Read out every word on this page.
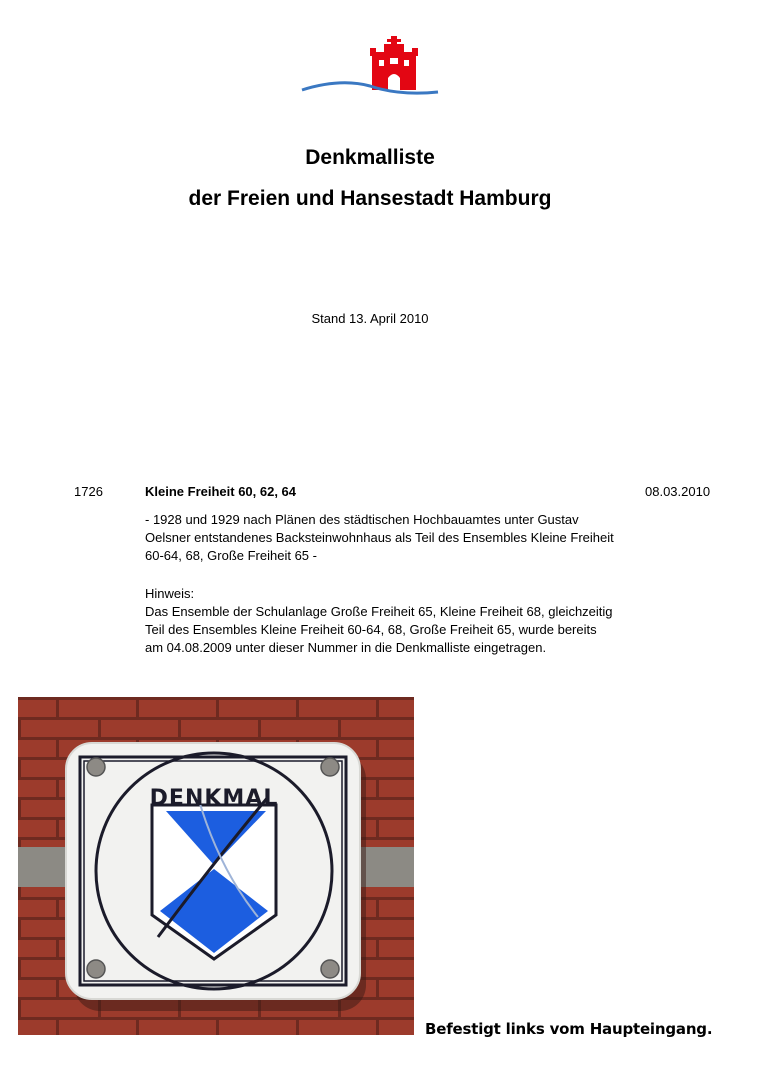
Denkmalliste
der Freien und Hansestadt Hamburg
Stand 13. April 2010
1726	Kleine Freiheit 60, 62, 64	08.03.2010
- 1928 und 1929 nach Plänen des städtischen Hochbauamtes unter Gustav Oelsner entstandenes Backsteinwohnhaus als Teil des Ensembles Kleine Freiheit 60-64, 68, Große Freiheit 65 -
Hinweis:
Das Ensemble der Schulanlage Große Freiheit 65, Kleine Freiheit 68, gleichzeitig Teil des Ensembles Kleine Freiheit 60-64, 68, Große Freiheit 65, wurde bereits am 04.08.2009 unter dieser Nummer in die Denkmalliste eingetragen.
DENKMAL
Befestigt links vom Haupteingang.
